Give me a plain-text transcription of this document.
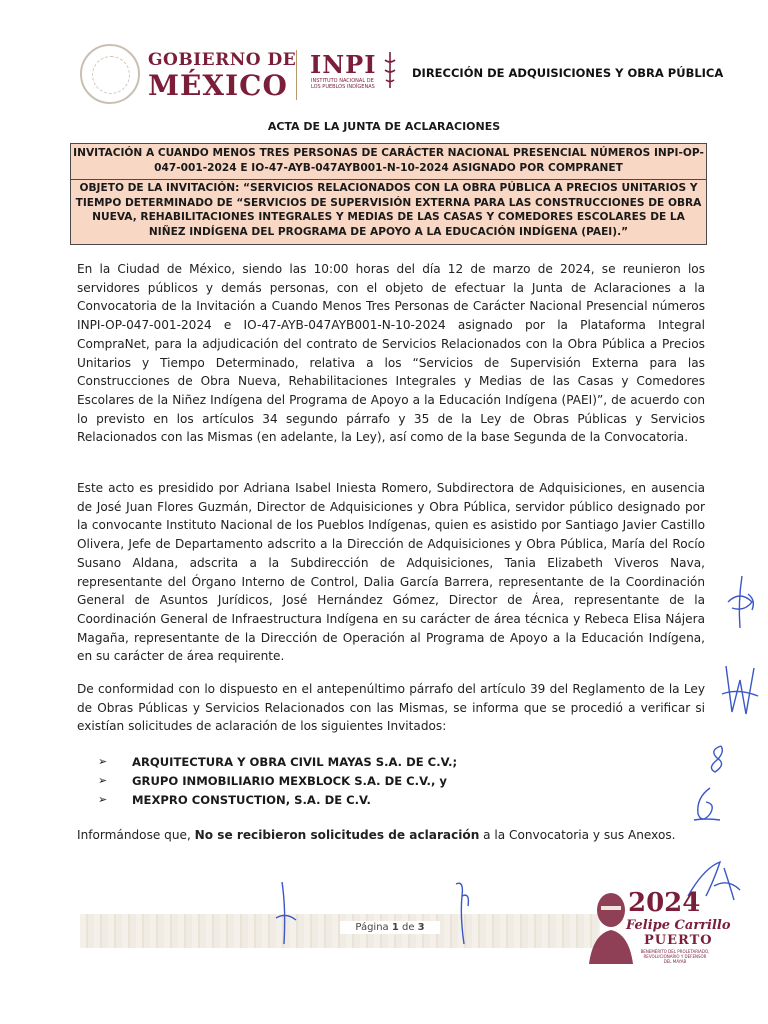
GOBIERNO DE
MÉXICO
INPI
INSTITUTO NACIONAL DE LOS PUEBLOS INDÍGENAS
DIRECCIÓN DE ADQUISICIONES Y OBRA PÚBLICA
ACTA DE LA JUNTA DE ACLARACIONES
INVITACIÓN A CUANDO MENOS TRES PERSONAS DE CARÁCTER NACIONAL PRESENCIAL NÚMEROS INPI-OP-047-001-2024 E IO-47-AYB-047AYB001-N-10-2024 ASIGNADO POR COMPRANET
OBJETO DE LA INVITACIÓN: “SERVICIOS RELACIONADOS CON LA OBRA PÚBLICA A PRECIOS UNITARIOS Y TIEMPO DETERMINADO DE “SERVICIOS DE SUPERVISIÓN EXTERNA PARA LAS CONSTRUCCIONES DE OBRA NUEVA, REHABILITACIONES INTEGRALES Y MEDIAS DE LAS CASAS Y COMEDORES ESCOLARES DE LA NIÑEZ INDÍGENA DEL PROGRAMA DE APOYO A LA EDUCACIÓN INDÍGENA (PAEI).”

En la Ciudad de México, siendo las 10:00 horas del día 12 de marzo de 2024, se reunieron los servidores públicos y demás personas, con el objeto de efectuar la Junta de Aclaraciones a la Convocatoria de la Invitación a Cuando Menos Tres Personas de Carácter Nacional Presencial números INPI-OP-047-001-2024 e IO-47-AYB-047AYB001-N-10-2024 asignado por la Plataforma Integral CompraNet, para la adjudicación del contrato de Servicios Relacionados con la Obra Pública a Precios Unitarios y Tiempo Determinado, relativa a los “Servicios de Supervisión Externa para las Construcciones de Obra Nueva, Rehabilitaciones Integrales y Medias de las Casas y Comedores Escolares de la Niñez Indígena del Programa de Apoyo a la Educación Indígena (PAEI)”, de acuerdo con lo previsto en los artículos 34 segundo párrafo y 35 de la Ley de Obras Públicas y Servicios Relacionados con las Mismas (en adelante, la Ley), así como de la base Segunda de la Convocatoria.

Este acto es presidido por Adriana Isabel Iniesta Romero, Subdirectora de Adquisiciones, en ausencia de José Juan Flores Guzmán, Director de Adquisiciones y Obra Pública, servidor público designado por la convocante Instituto Nacional de los Pueblos Indígenas, quien es asistido por Santiago Javier Castillo Olivera, Jefe de Departamento adscrito a la Dirección de Adquisiciones y Obra Pública, María del Rocío Susano Aldana, adscrita a la Subdirección de Adquisiciones, Tania Elizabeth Viveros Nava, representante del Órgano Interno de Control, Dalia García Barrera, representante de la Coordinación General de Asuntos Jurídicos, José Hernández Gómez, Director de Área, representante de la Coordinación General de Infraestructura Indígena en su carácter de área técnica y Rebeca Elisa Nájera Magaña, representante de la Dirección de Operación al Programa de Apoyo a la Educación Indígena, en su carácter de área requirente.

De conformidad con lo dispuesto en el antepenúltimo párrafo del artículo 39 del Reglamento de la Ley de Obras Públicas y Servicios Relacionados con las Mismas, se informa que se procedió a verificar si existían solicitudes de aclaración de los siguientes Invitados:

➢	ARQUITECTURA Y OBRA CIVIL MAYAS S.A. DE C.V.;
➢	GRUPO INMOBILIARIO MEXBLOCK S.A. DE C.V., y
➢	MEXPRO CONSTUCTION, S.A. DE C.V.

Informándose que, No se recibieron solicitudes de aclaración a la Convocatoria y sus Anexos.

Página 1 de 3
2024
Felipe Carrillo
PUERTO
BENEMÉRITO DEL PROLETARIADO, REVOLUCIONARIO Y DEFENSOR DEL MAYAB
